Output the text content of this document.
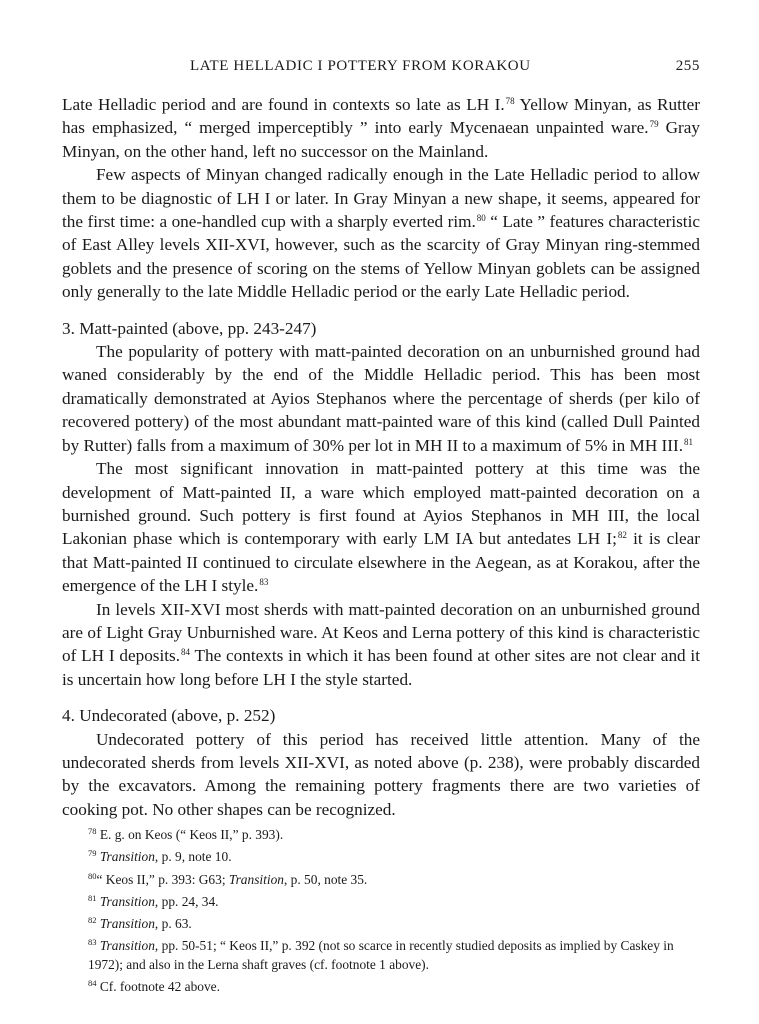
LATE HELLADIC I POTTERY FROM KORAKOU	255

Late Helladic period and are found in contexts so late as LH I.$^{78}$ Yellow Minyan, as Rutter has emphasized, “ merged imperceptibly ” into early Mycenaean unpainted ware.$^{79}$ Gray Minyan, on the other hand, left no successor on the Mainland.

Few aspects of Minyan changed radically enough in the Late Helladic period to allow them to be diagnostic of LH I or later. In Gray Minyan a new shape, it seems, appeared for the first time: a one-handled cup with a sharply everted rim.$^{80}$ “ Late ” features characteristic of East Alley levels XII-XVI, however, such as the scarcity of Gray Minyan ring-stemmed goblets and the presence of scoring on the stems of Yellow Minyan goblets can be assigned only generally to the late Middle Helladic period or the early Late Helladic period.

3. Matt-painted (above, pp. 243-247)

The popularity of pottery with matt-painted decoration on an unburnished ground had waned considerably by the end of the Middle Helladic period. This has been most dramatically demonstrated at Ayios Stephanos where the percentage of sherds (per kilo of recovered pottery) of the most abundant matt-painted ware of this kind (called Dull Painted by Rutter) falls from a maximum of 30% per lot in MH II to a maximum of 5% in MH III.$^{81}$

The most significant innovation in matt-painted pottery at this time was the development of Matt-painted II, a ware which employed matt-painted decoration on a burnished ground. Such pottery is first found at Ayios Stephanos in MH III, the local Lakonian phase which is contemporary with early LM IA but antedates LH I;$^{82}$ it is clear that Matt-painted II continued to circulate elsewhere in the Aegean, as at Korakou, after the emergence of the LH I style.$^{83}$

In levels XII-XVI most sherds with matt-painted decoration on an unburnished ground are of Light Gray Unburnished ware. At Keos and Lerna pottery of this kind is characteristic of LH I deposits.$^{84}$ The contexts in which it has been found at other sites are not clear and it is uncertain how long before LH I the style started.

4. Undecorated (above, p. 252)

Undecorated pottery of this period has received little attention. Many of the undecorated sherds from levels XII-XVI, as noted above (p. 238), were probably discarded by the excavators. Among the remaining pottery fragments there are two varieties of cooking pot. No other shapes can be recognized.

$^{78}$ E. g. on Keos (“ Keos II,” p. 393).
$^{79}$ Transition, p. 9, note 10.
$^{80}$“ Keos II,” p. 393: G63; Transition, p. 50, note 35.
$^{81}$ Transition, pp. 24, 34.
$^{82}$ Transition, p. 63.
$^{83}$ Transition, pp. 50-51; “ Keos II,” p. 392 (not so scarce in recently studied deposits as implied by Caskey in 1972); and also in the Lerna shaft graves (cf. footnote 1 above).
$^{84}$ Cf. footnote 42 above.
